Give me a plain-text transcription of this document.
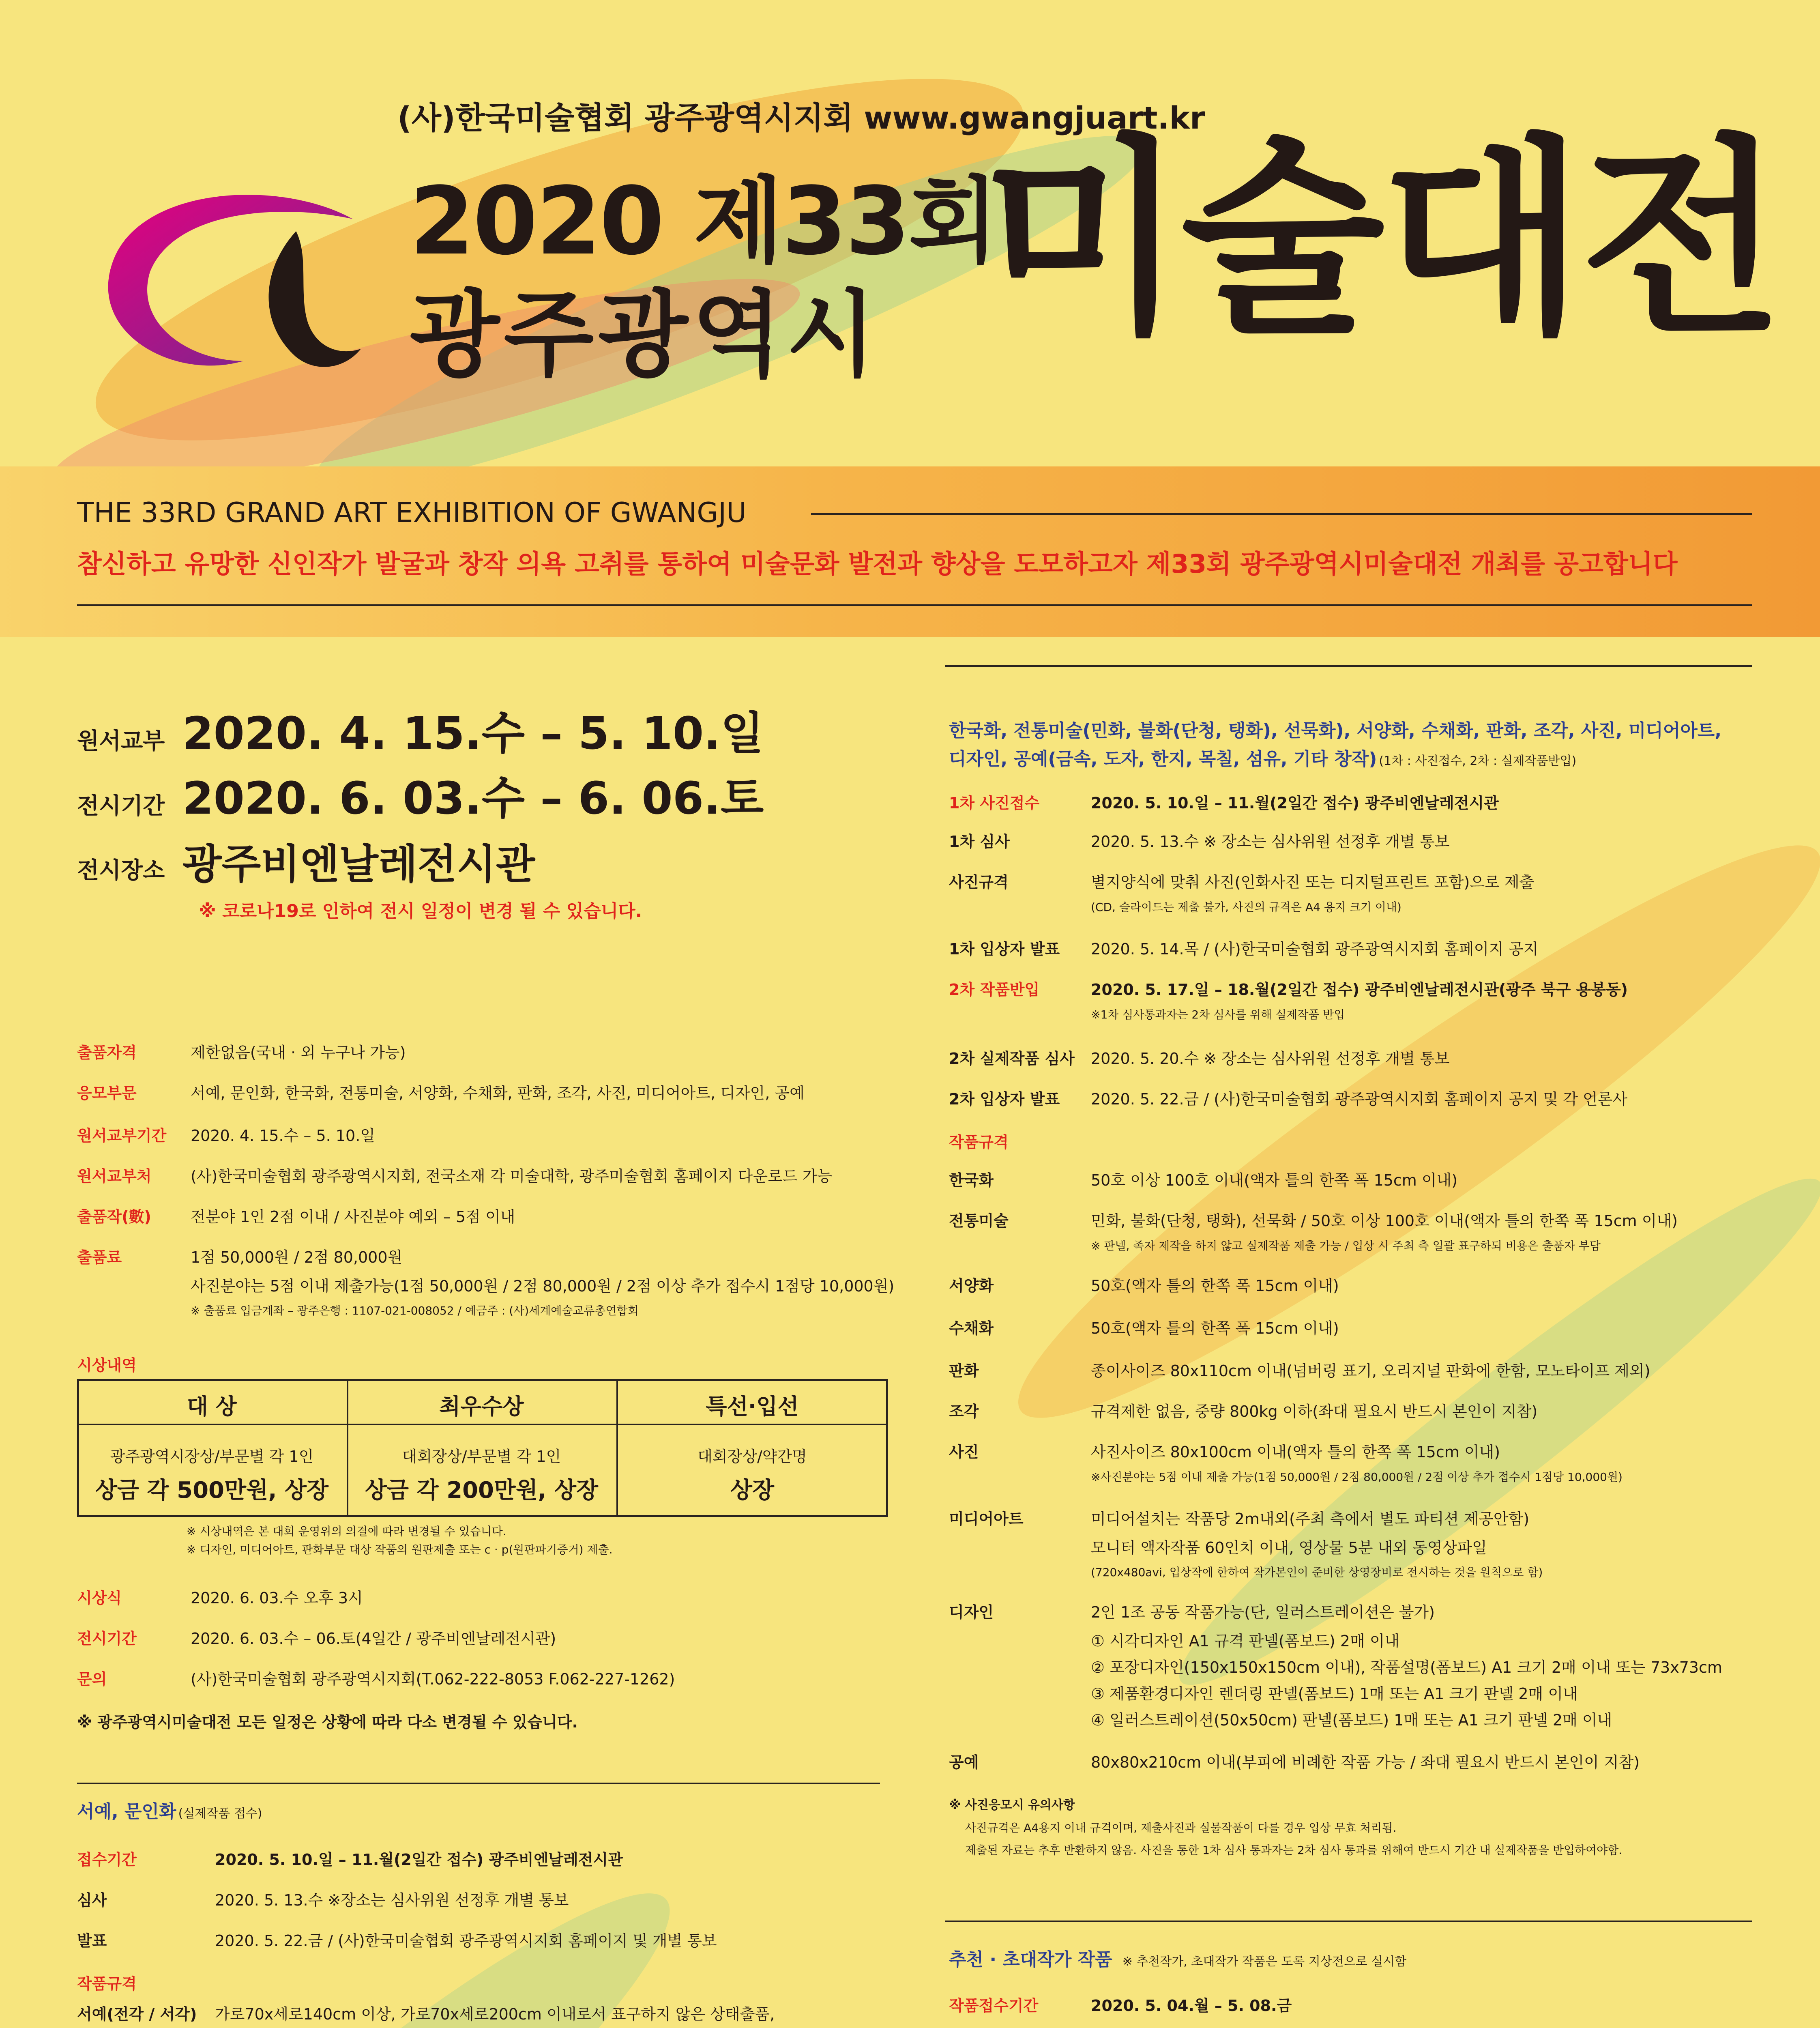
(사)한국미술협회 광주광역시지회 www.gwangjuart.kr
2020 제33회
광주광역시 미술대전
THE 33RD GRAND ART EXHIBITION OF GWANGJU
참신하고 유망한 신인작가 발굴과 창작 의욕 고취를 통하여 미술문화 발전과 향상을 도모하고자 제33회 광주광역시미술대전 개최를 공고합니다
원서교부 2020. 4. 15.수 – 5. 10.일
전시기간 2020. 6. 03.수 – 6. 06.토
전시장소 광주비엔날레전시관
※ 코로나19로 인하여 전시 일정이 변경 될 수 있습니다.
출품자격	제한없음(국내 · 외 누구나 가능)
응모부문	서예, 문인화, 한국화, 전통미술, 서양화, 수채화, 판화, 조각, 사진, 미디어아트, 디자인, 공예
원서교부기간	2020. 4. 15.수 – 5. 10.일
원서교부처	(사)한국미술협회 광주광역시지회, 전국소재 각 미술대학, 광주미술협회 홈페이지 다운로드 가능
출품작(數)	전분야 1인 2점 이내 / 사진분야 예외 – 5점 이내
출품료	1점 50,000원 / 2점 80,000원
사진분야는 5점 이내 제출가능(1점 50,000원 / 2점 80,000원 / 2점 이상 추가 접수시 1점당 10,000원)
※ 출품료 입금계좌 – 광주은행 : 1107-021-008052 / 예금주 : (사)세계예술교류총연합회
시상내역
대 상	최우수상	특선·입선
광주광역시장상/부문별 각 1인	대회장상/부문별 각 1인	대회장상/약간명
상금 각 500만원, 상장	상금 각 200만원, 상장	상장
※ 시상내역은 본 대회 운영위의 의결에 따라 변경될 수 있습니다.
※ 디자인, 미디어아트, 판화부문 대상 작품의 원판제출 또는 c · p(원판파기증거) 제출.
시상식	2020. 6. 03.수 오후 3시
전시기간	2020. 6. 03.수 – 06.토(4일간 / 광주비엔날레전시관)
문의	(사)한국미술협회 광주광역시지회(T.062-222-8053 F.062-227-1262)
※ 광주광역시미술대전 모든 일정은 상황에 따라 다소 변경될 수 있습니다.
서예, 문인화 (실제작품 접수)
접수기간	2020. 5. 10.일 – 11.월(2일간 접수) 광주비엔날레전시관
심사	2020. 5. 13.수 ※장소는 심사위원 선정후 개별 통보
발표	2020. 5. 22.금 / (사)한국미술협회 광주광역시지회 홈페이지 및 개별 통보
작품규격
서예(전각 / 서각) 가로70x세로140cm 이상, 가로70x세로200cm 이내로서 표구하지 않은 상태출품,
한국화, 전통미술(민화, 불화(단청, 탱화), 선묵화), 서양화, 수채화, 판화, 조각, 사진, 미디어아트,
디자인, 공예(금속, 도자, 한지, 목칠, 섬유, 기타 창작) (1차 : 사진접수, 2차 : 실제작품반입)
1차 사진접수	2020. 5. 10.일 – 11.월(2일간 접수) 광주비엔날레전시관
1차 심사	2020. 5. 13.수 ※ 장소는 심사위원 선정후 개별 통보
사진규격	별지양식에 맞춰 사진(인화사진 또는 디지털프린트 포함)으로 제출
(CD, 슬라이드는 제출 불가, 사진의 규격은 A4 용지 크기 이내)
1차 입상자 발표	2020. 5. 14.목 / (사)한국미술협회 광주광역시지회 홈페이지 공지
2차 작품반입	2020. 5. 17.일 – 18.월(2일간 접수) 광주비엔날레전시관(광주 북구 용봉동)
※1차 심사통과자는 2차 심사를 위해 실제작품 반입
2차 실제작품 심사	2020. 5. 20.수 ※ 장소는 심사위원 선정후 개별 통보
2차 입상자 발표	2020. 5. 22.금 / (사)한국미술협회 광주광역시지회 홈페이지 공지 및 각 언론사
작품규격
한국화	50호 이상 100호 이내(액자 틀의 한쪽 폭 15cm 이내)
전통미술	민화, 불화(단청, 탱화), 선묵화 / 50호 이상 100호 이내(액자 틀의 한쪽 폭 15cm 이내)
※ 판넬, 족자 제작을 하지 않고 실제작품 제출 가능 / 입상 시 주최 측 일괄 표구하되 비용은 출품자 부담
서양화	50호(액자 틀의 한쪽 폭 15cm 이내)
수채화	50호(액자 틀의 한쪽 폭 15cm 이내)
판화	종이사이즈 80x110cm 이내(넘버링 표기, 오리지널 판화에 한함, 모노타이프 제외)
조각	규격제한 없음, 중량 800kg 이하(좌대 필요시 반드시 본인이 지참)
사진	사진사이즈 80x100cm 이내(액자 틀의 한쪽 폭 15cm 이내)
※사진분야는 5점 이내 제출 가능(1점 50,000원 / 2점 80,000원 / 2점 이상 추가 접수시 1점당 10,000원)
미디어아트	미디어설치는 작품당 2m내외(주최 측에서 별도 파티션 제공안함)
모니터 액자작품 60인치 이내, 영상물 5분 내외 동영상파일
(720x480avi, 입상작에 한하여 작가본인이 준비한 상영장비로 전시하는 것을 원칙으로 함)
디자인	2인 1조 공동 작품가능(단, 일러스트레이션은 불가)
① 시각디자인 A1 규격 판넬(폼보드) 2매 이내
② 포장디자인(150x150x150cm 이내), 작품설명(폼보드) A1 크기 2매 이내 또는 73x73cm
③ 제품환경디자인 렌더링 판넬(폼보드) 1매 또는 A1 크기 판넬 2매 이내
④ 일러스트레이션(50x50cm) 판넬(폼보드) 1매 또는 A1 크기 판넬 2매 이내
공예	80x80x210cm 이내(부피에 비례한 작품 가능 / 좌대 필요시 반드시 본인이 지참)
※ 사진응모시 유의사항
사진규격은 A4용지 이내 규격이며, 제출사진과 실물작품이 다를 경우 입상 무효 처리됨.
제출된 자료는 추후 반환하지 않음. 사진을 통한 1차 심사 통과자는 2차 심사 통과를 위해여 반드시 기간 내 실제작품을 반입하여야함.
추천 · 초대작가 작품 ※ 추천작가, 초대작가 작품은 도록 지상전으로 실시함
작품접수기간	2020. 5. 04.월 – 5. 08.금
